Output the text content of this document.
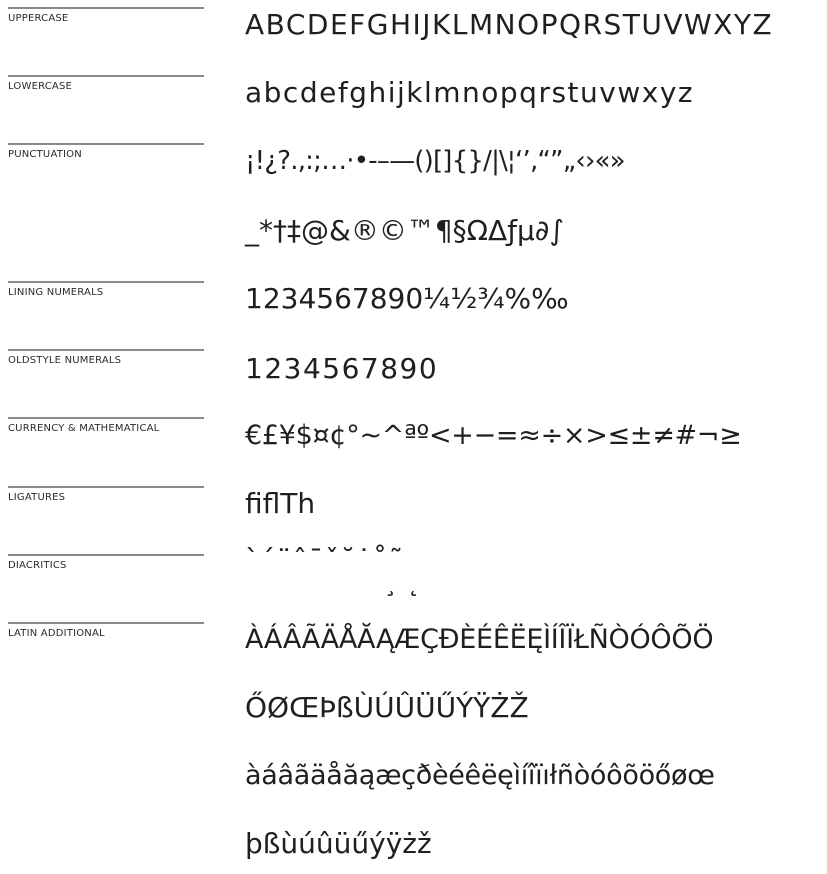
UPPERCASE	ABCDEFGHIJKLMNOPQRSTUVWXYZ
LOWERCASE	abcdefghijklmnopqrstuvwxyz
PUNCTUATION	¡!¿?.,:;…·•‐–—()[]{}/|\¦‘’‚“”„‹›«»
_*†‡@&®©™¶§ΩΔƒµ∂∫
LINING NUMERALS	1234567890¼½¾%‰
OLDSTYLE NUMERALS	1234567890
CURRENCY & MATHEMATICAL	€£¥$¤¢°~^ªº<+−=≈÷×>≤±≠#¬≥
LIGATURES	fiflTh
DIACRITICS	`´¨ˆ¯ˇ˘˙˚˜
¸˛
LATIN ADDITIONAL	ÀÁÂÃÄÅĂĄÆÇĐÈÉÊËĘÌÍÎÏŁÑÒÓÔÕÖ
ŐØŒÞßÙÚÛÜŰÝŸŻŽ
àáâãäåăąæçðèéêëęìíîïıłñòóôõöőøœ
þßùúûüűýÿżž
